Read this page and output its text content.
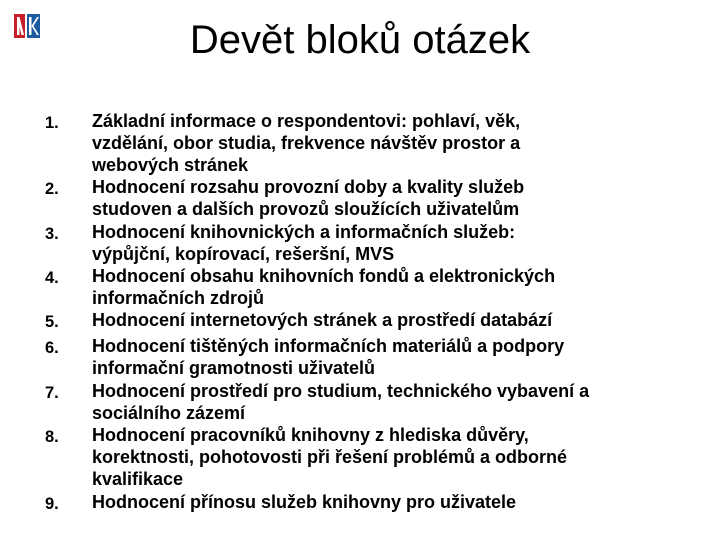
Devět bloků otázek
1.	Základní informace o respondentovi: pohlaví, věk,
vzdělání, obor studia, frekvence návštěv prostor a
webových stránek
2.	Hodnocení rozsahu provozní doby a kvality služeb
studoven a dalších provozů sloužících uživatelům
3.	Hodnocení knihovnických a informačních služeb:
výpůjční, kopírovací, rešeršní, MVS
4.	Hodnocení obsahu knihovních fondů a elektronických
informačních zdrojů
5.	Hodnocení internetových stránek a prostředí databází
6.	Hodnocení tištěných informačních materiálů a podpory
informační gramotnosti uživatelů
7.	Hodnocení prostředí pro studium, technického vybavení a
sociálního zázemí
8.	Hodnocení pracovníků knihovny z hlediska důvěry,
korektnosti, pohotovosti při řešení problémů a odborné
kvalifikace
9.	Hodnocení přínosu služeb knihovny pro uživatele
